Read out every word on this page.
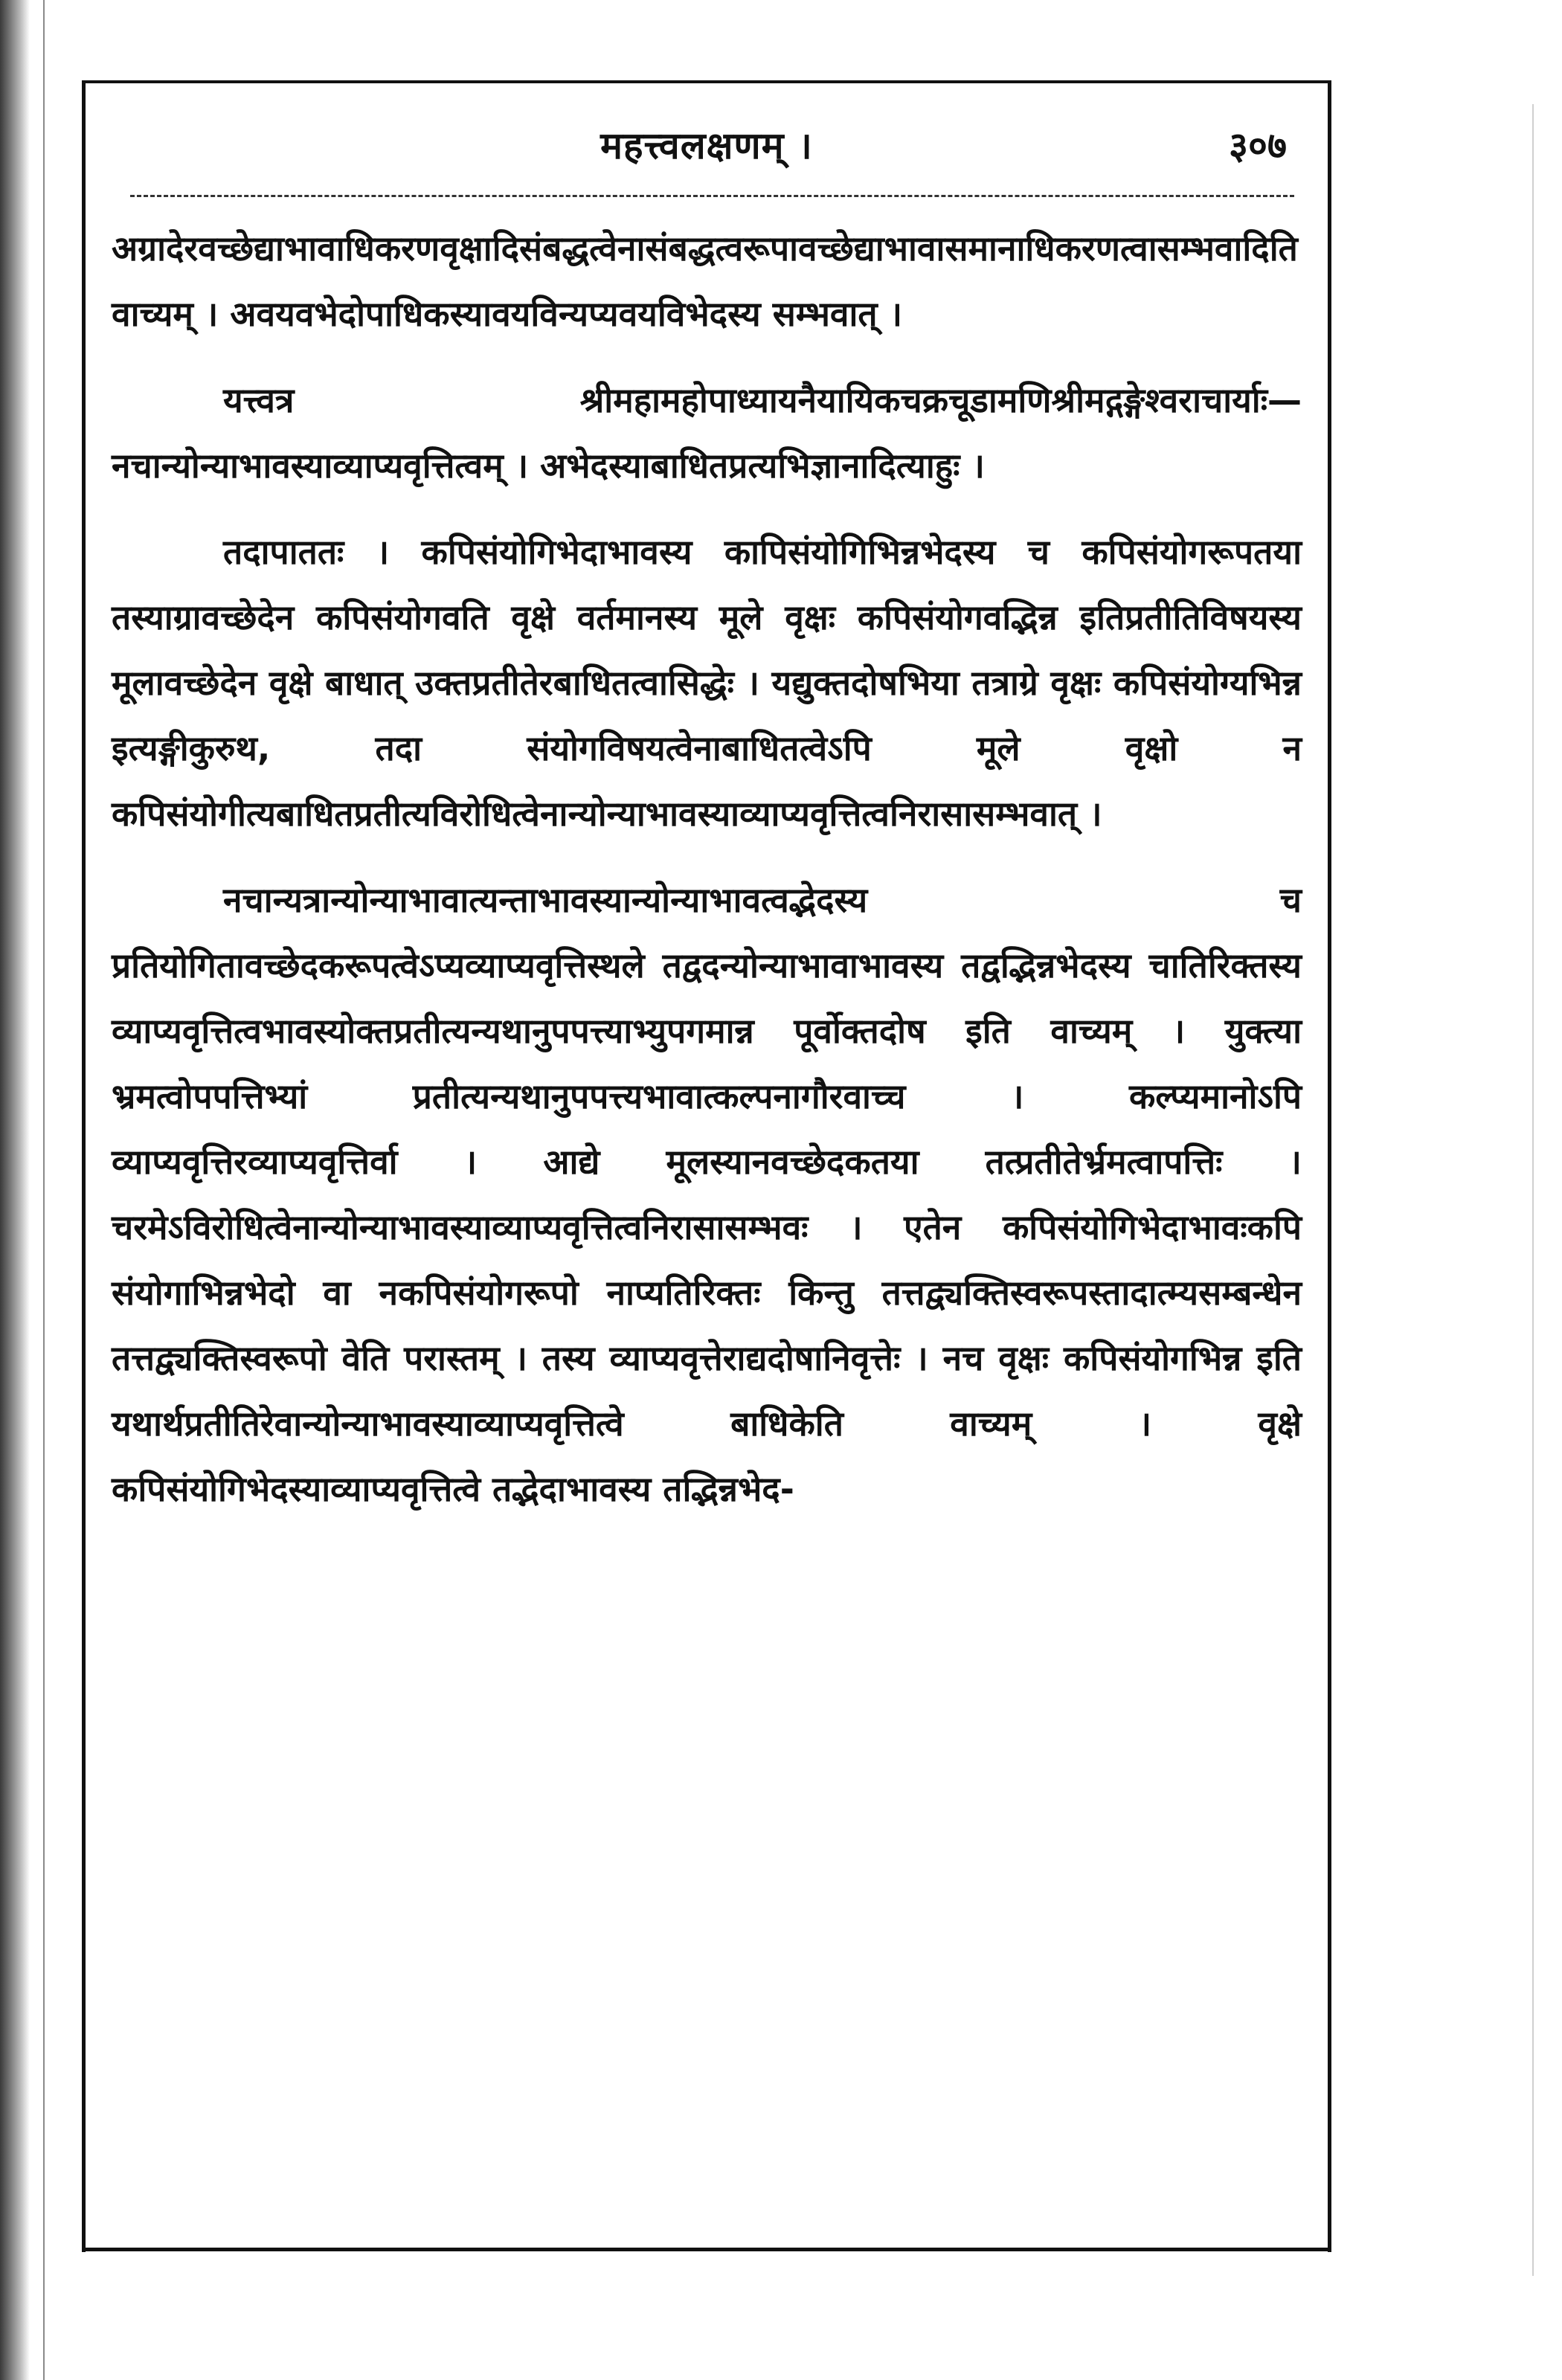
महत्त्वलक्षणम् ।	३०७

अग्रादेरवच्छेद्याभावाधिकरणवृक्षादिसंबद्धत्वेनासंबद्धत्वरूपावच्छेद्याभावासमानाधिकरणत्वासम्भवादिति वाच्यम् । अवयवभेदोपाधिकस्यावयविन्यप्यवयविभेदस्य सम्भवात् ।

यत्त्वत्र श्रीमहामहोपाध्यायनैयायिकचक्रचूडामणिश्रीमद्गङ्गेश्वराचार्याः—नचान्योन्याभावस्याव्याप्यवृत्तित्वम् । अभेदस्याबाधितप्रत्यभिज्ञानादित्याहुः ।

तदापाततः । कपिसंयोगिभेदाभावस्य कापिसंयोगिभिन्नभेदस्य च कपिसंयोगरूपतया तस्याग्रावच्छेदेन कपिसंयोगवति वृक्षे वर्तमानस्य मूले वृक्षः कपिसंयोगवद्भिन्न इतिप्रतीतिविषयस्य मूलावच्छेदेन वृक्षे बाधात् उक्तप्रतीतेरबाधितत्वासिद्धेः । यद्युक्तदोषभिया तत्राग्रे वृक्षः कपिसंयोग्यभिन्न इत्यङ्गीकुरुथ, तदा संयोगविषयत्वेनाबाधितत्वेऽपि मूले वृक्षो न कपिसंयोगीत्यबाधितप्रतीत्यविरोधित्वेनान्योन्याभावस्याव्याप्यवृत्तित्वनिरासासम्भवात् ।

नचान्यत्रान्योन्याभावात्यन्ताभावस्यान्योन्याभावत्वद्भेदस्य च प्रतियोगितावच्छेदकरूपत्वेऽप्यव्याप्यवृत्तिस्थले तद्वदन्योन्याभावाभावस्य तद्वद्भिन्नभेदस्य चातिरिक्तस्य व्याप्यवृत्तित्वभावस्योक्तप्रतीत्यन्यथानुपपत्त्याभ्युपगमान्न पूर्वोक्तदोष इति वाच्यम् । युक्त्या भ्रमत्वोपपत्तिभ्यां प्रतीत्यन्यथानुपपत्त्यभावात्कल्पनागौरवाच्च । कल्प्यमानोऽपि व्याप्यवृत्तिरव्याप्यवृत्तिर्वा । आद्ये मूलस्यानवच्छेदकतया तत्प्रतीतेर्भ्रमत्वापत्तिः । चरमेऽविरोधित्वेनान्योन्याभावस्याव्याप्यवृत्तित्वनिरासासम्भवः । एतेन कपिसंयोगिभेदाभावःकपि संयोगाभिन्नभेदो वा नकपिसंयोगरूपो नाप्यतिरिक्तः किन्तु तत्तद्व्यक्तिस्वरूपस्तादात्म्यसम्बन्धेन तत्तद्व्यक्तिस्वरूपो वेति परास्तम् । तस्य व्याप्यवृत्तेराद्यदोषानिवृत्तेः । नच वृक्षः कपिसंयोगभिन्न इति यथार्थप्रतीतिरेवान्योन्याभावस्याव्याप्यवृत्तित्वे बाधिकेति वाच्यम् । वृक्षे कपिसंयोगिभेदस्याव्याप्यवृत्तित्वे तद्भेदाभावस्य तद्भिन्नभेद-
